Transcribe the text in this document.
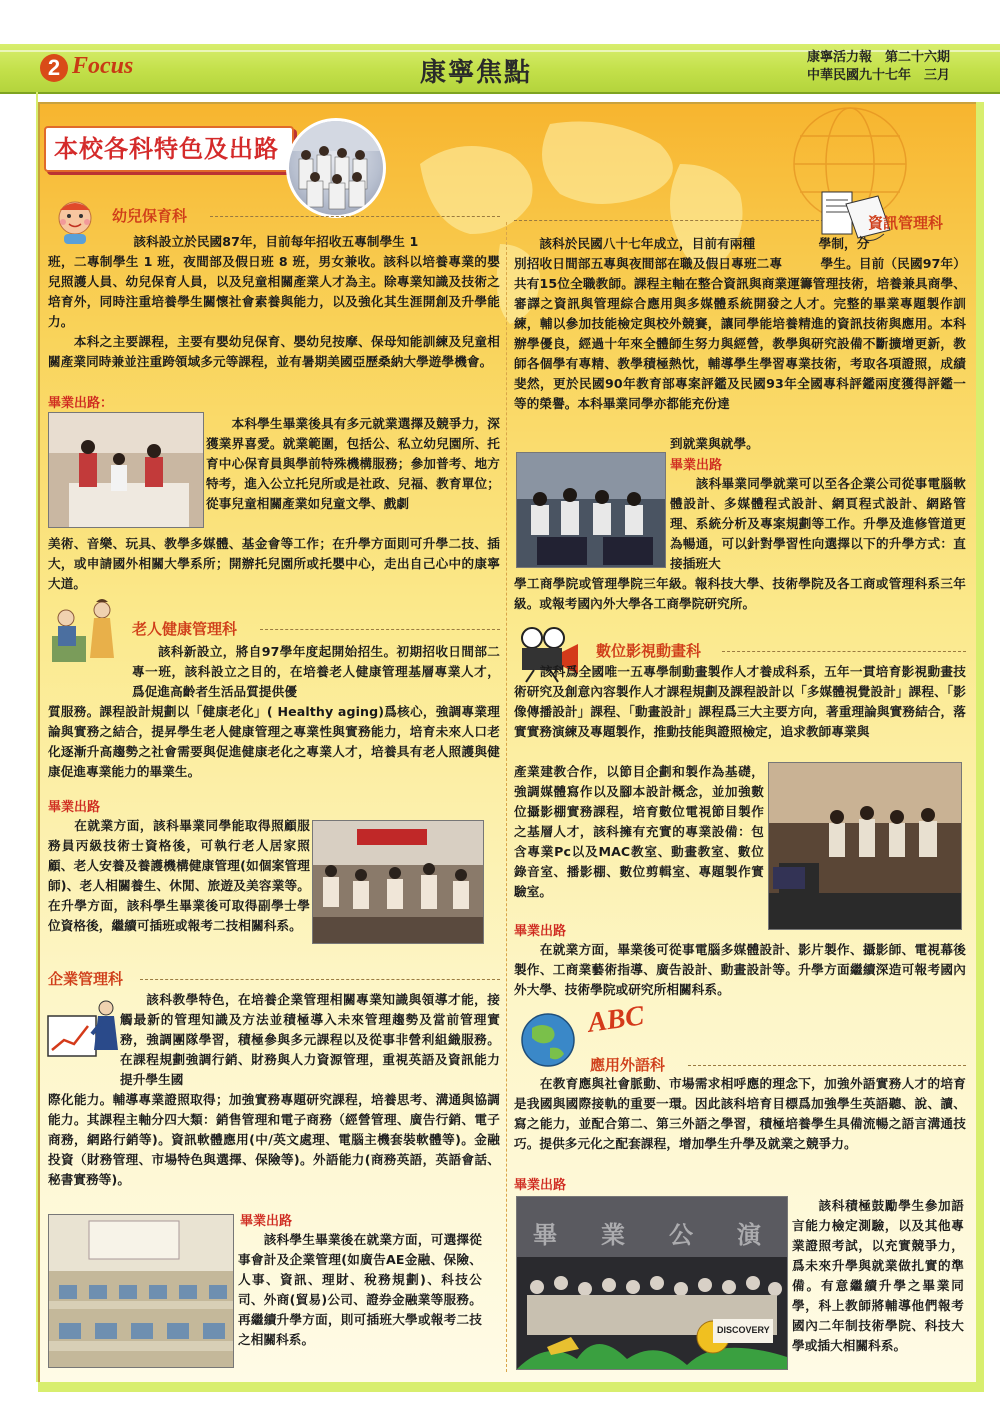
2 Focus	康寧焦點
康寧活力報　第二十六期
中華民國九十七年　三月
本校各科特色及出路
幼兒保育科
　　該科設立於民國87年，目前每年招收五專制學生 1
班，二專制學生 1 班，夜間部及假日班 8 班，男女兼收。該科以培養專業的嬰兒照護人員、幼兒保育人員，以及兒童相關產業人才為主。除專業知識及技術之培育外，同時注重培養學生關懷社會素養與能力，以及強化其生涯開創及升學能力。
　　本科之主要課程，主要有嬰幼兒保育、嬰幼兒按摩、保母知能訓練及兒童相關產業同時兼並注重跨領域多元等課程，並有暑期美國亞歷桑納大學遊學機會。
畢業出路：
　　本科學生畢業後具有多元就業選擇及競爭力，深獲業界喜愛。就業範圍，包括公、私立幼兒園所、托育中心保育員與學前特殊機構服務；參加普考、地方特考，進入公立托兒所或是社政、兒福、教育單位；從事兒童相關產業如兒童文學、戲劇
美術、音樂、玩具、教學多媒體、基金會等工作；在升學方面則可升學二技、插大，或申請國外相關大學系所；開辦托兒園所或托嬰中心，走出自己心中的康寧大道。
老人健康管理科
　　該科新設立，將自97學年度起開始招生。初期招收日間部二專一班，該科設立之目的，在培養老人健康管理基層專業人才，爲促進高齡者生活品質提供優
質服務。課程設計規劃以「健康老化」( Healthy aging)爲核心，強調專業理論與實務之結合，提昇學生老人健康管理之專業性與實務能力，培育未來人口老化逐漸升高趨勢之社會需要與促進健康老化之專業人才，培養具有老人照護與健康促進專業能力的畢業生。
畢業出路
　　在就業方面，該科畢業同學能取得照顧服務員丙級技術士資格後，可執行老人居家照顧、老人安養及養護機構健康管理(如個案管理師)、老人相關養生、休閒、旅遊及美容業等。在升學方面，該科學生畢業後可取得副學士學位資格後，繼續可插班或報考二技相關科系。
企業管理科
　　該科教學特色，在培養企業管理相關專業知識與領導才能，接觸最新的管理知識及方法並積極導入未來管理趨勢及當前管理實務，強調團隊學習，積極參與多元課程以及從事非營利組織服務。在課程規劃強調行銷、財務與人力資源管理，重視英語及資訊能力提升學生國
際化能力。輔導專業證照取得；加強實務專題研究課程，培養思考、溝通與協調能力。其課程主軸分四大類：銷售管理和電子商務（經營管理、廣告行銷、電子商務，網路行銷等)。資訊軟體應用(中/英文處理、電腦主機套裝軟體等)。金融投資（財務管理、市場特色與選擇、保險等)。外語能力(商務英語，英語會話、秘書實務等)。
畢業出路
　　該科學生畢業後在就業方面，可選擇從事會計及企業管理(如廣告AE金融、保險、人事、資訊、理財、稅務規劃)、科技公司、外商(貿易)公司、證券金融業等服務。再繼續升學方面，則可插班大學或報考二技之相關科系。
資訊管理科
　　該科於民國八十七年成立，目前有兩種　　　　　學制，分
別招收日間部五專與夜間部在職及假日專班二專　　　學生。目前（民國97年）共有15位全職教師。課程主軸在整合資訊與商業運籌管理技術，培養兼具商學、審譯之資訊與管理綜合應用與多媒體系統開發之人才。完整的畢業專題製作訓練，輔以參加技能檢定與校外競賽，讓同學能培養精進的資訊技術與應用。本科辦學優良，經過十年來全體師生努力與經營，教學與研究設備不斷擴增更新，教師各個學有專精、教學積極熱忱，輔導學生學習專業技術，考取各項證照，成績斐然，更於民國90年教育部專案評鑑及民國93年全國專科評鑑兩度獲得評鑑一等的榮譽。本科畢業同學亦都能充份達
到就業與就學。
畢業出路
　　該科畢業同學就業可以至各企業公司從事電腦軟體設計、多媒體程式設計、網頁程式設計、網路管理、系統分析及專案規劃等工作。升學及進修管道更為暢通，可以針對學習性向選擇以下的升學方式：直接插班大
學工商學院或管理學院三年級。報科技大學、技術學院及各工商或管理科系三年級。或報考國內外大學各工商學院研究所。
數位影視動畫科
　　該科爲全國唯一五專學制動畫製作人才養成科系，五年一貫培育影視動畫技術研究及創意內容製作人才課程規劃及課程設計以「多媒體視覺設計」課程、「影像傳播設計」課程、「動畫設計」課程爲三大主要方向，著重理論與實務結合，落實實務演練及專題製作，推動技能與證照檢定，追求教師專業與
產業建教合作，以節目企劃和製作為基礎，強調媒體寫作以及腳本設計概念，並加強數位攝影棚實務課程，培育數位電視節目製作之基層人才，該科擁有充實的專業設備：包含專業Pc以及MAC教室、動畫教室、數位錄音室、播影棚、數位剪輯室、專題製作實驗室。
畢業出路
　　在就業方面，畢業後可從事電腦多媒體設計、影片製作、攝影師、電視幕後製作、工商業藝術指導、廣告設計、動畫設計等。升學方面繼續深造可報考國內外大學、技術學院或研究所相關科系。
ABC
應用外語科
　　在教育應與社會脈動、市場需求相呼應的理念下，加強外語實務人才的培育是我國與國際接軌的重要一環。因此該科培育目標爲加強學生英語聽、說、讀、寫之能力，並配合第二、第三外語之學習，積極培養學生具備流暢之語言溝通技巧。提供多元化之配套課程，增加學生升學及就業之競爭力。
畢業出路
畢　業　公　演
DISCOVERY
　　該科積極鼓勵學生參加語言能力檢定測驗，以及其他專業證照考試，以充實競爭力，爲未來升學與就業做扎實的準備。有意繼續升學之畢業同學，科上教師將輔導他們報考國內二年制技術學院、科技大學或插大相關科系。
